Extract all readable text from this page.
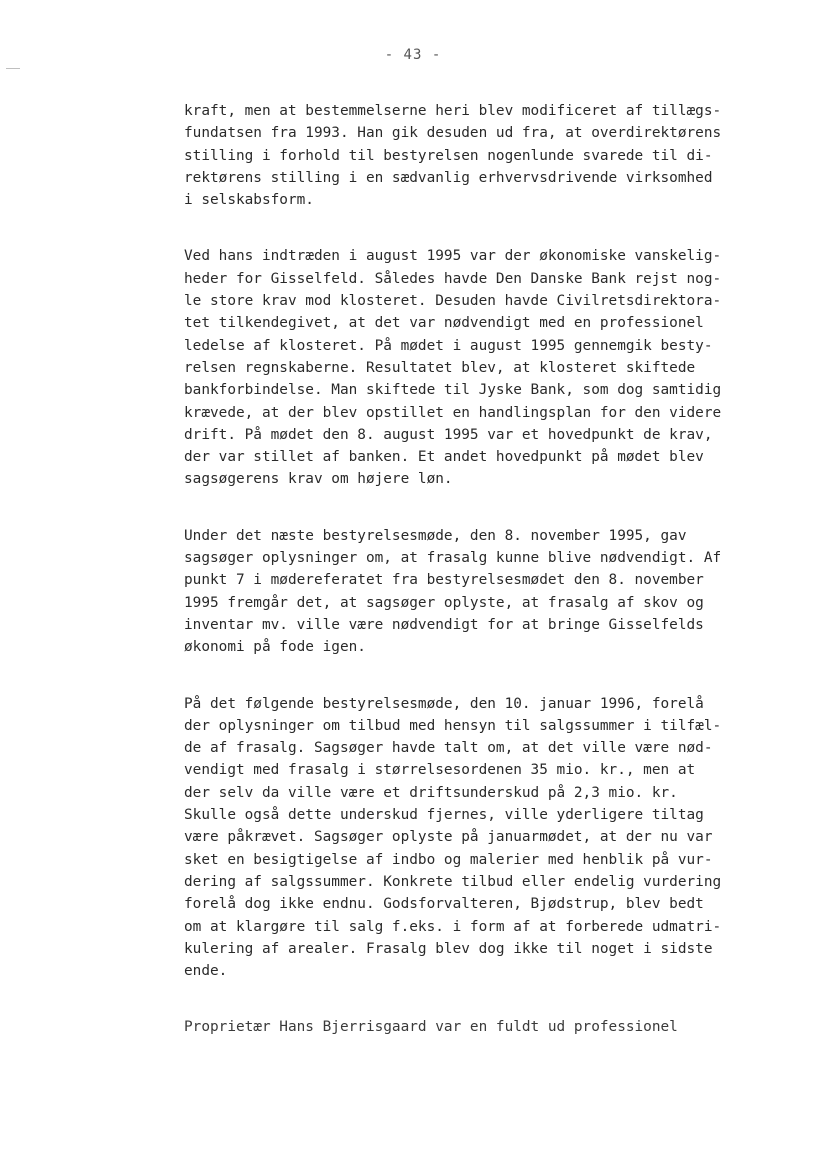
- 43 -
kraft, men at bestemmelserne heri blev modificeret af tillægs-
fundatsen fra 1993. Han gik desuden ud fra, at overdirektørens
stilling i forhold til bestyrelsen nogenlunde svarede til di-
rektørens stilling i en sædvanlig erhvervsdrivende virksomhed
i selskabsform.
Ved hans indtræden i august 1995 var der økonomiske vanskelig-
heder for Gisselfeld. Således havde Den Danske Bank rejst nog-
le store krav mod klosteret. Desuden havde Civilretsdirektora-
tet tilkendegivet, at det var nødvendigt med en professionel
ledelse af klosteret. På mødet i august 1995 gennemgik besty-
relsen regnskaberne. Resultatet blev, at klosteret skiftede
bankforbindelse. Man skiftede til Jyske Bank, som dog samtidig
krævede, at der blev opstillet en handlingsplan for den videre
drift. På mødet den 8. august 1995 var et hovedpunkt de krav,
der var stillet af banken. Et andet hovedpunkt på mødet blev
sagsøgerens krav om højere løn.
Under det næste bestyrelsesmøde, den 8. november 1995, gav
sagsøger oplysninger om, at frasalg kunne blive nødvendigt. Af
punkt 7 i mødereferatet fra bestyrelsesmødet den 8. november
1995 fremgår det, at sagsøger oplyste, at frasalg af skov og
inventar mv. ville være nødvendigt for at bringe Gisselfelds
økonomi på fode igen.
På det følgende bestyrelsesmøde, den 10. januar 1996, forelå
der oplysninger om tilbud med hensyn til salgssummer i tilfæl-
de af frasalg. Sagsøger havde talt om, at det ville være nød-
vendigt med frasalg i størrelsesordenen 35 mio. kr., men at
der selv da ville være et driftsunderskud på 2,3 mio. kr.
Skulle også dette underskud fjernes, ville yderligere tiltag
være påkrævet. Sagsøger oplyste på januarmødet, at der nu var
sket en besigtigelse af indbo og malerier med henblik på vur-
dering af salgssummer. Konkrete tilbud eller endelig vurdering
forelå dog ikke endnu. Godsforvalteren, Bjødstrup, blev bedt
om at klargøre til salg f.eks. i form af at forberede udmatri-
kulering af arealer. Frasalg blev dog ikke til noget i sidste
ende.
Proprietær Hans Bjerrisgaard var en fuldt ud professionel
